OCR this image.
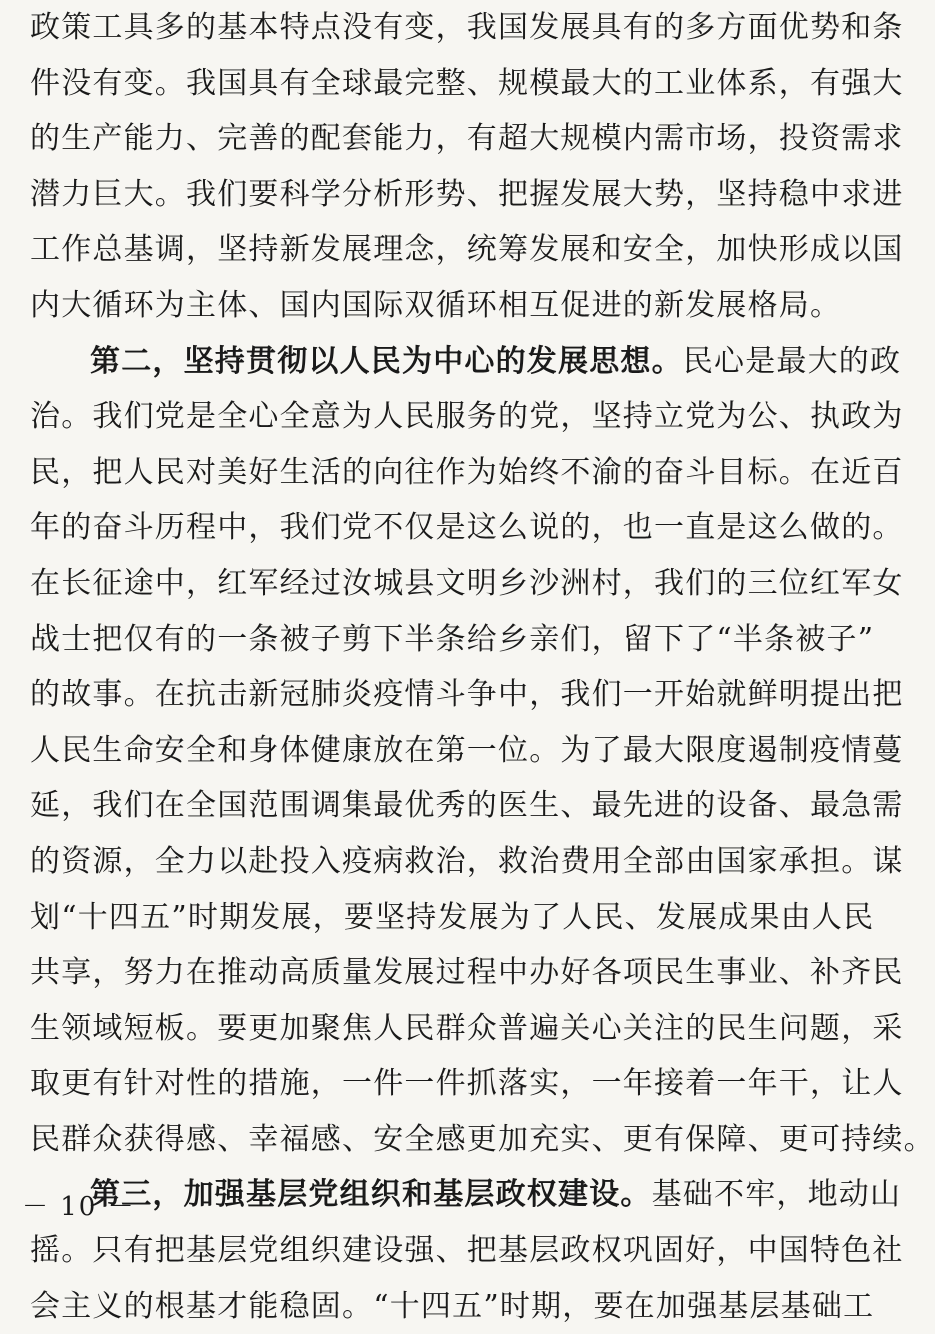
政策工具多的基本特点没有变，我国发展具有的多方面优势和条
件没有变。我国具有全球最完整、规模最大的工业体系，有强大
的生产能力、完善的配套能力，有超大规模内需市场，投资需求
潜力巨大。我们要科学分析形势、把握发展大势，坚持稳中求进
工作总基调，坚持新发展理念，统筹发展和安全，加快形成以国
内大循环为主体、国内国际双循环相互促进的新发展格局。
第二，坚持贯彻以人民为中心的发展思想。民心是最大的政
治。我们党是全心全意为人民服务的党，坚持立党为公、执政为
民，把人民对美好生活的向往作为始终不渝的奋斗目标。在近百
年的奋斗历程中，我们党不仅是这么说的，也一直是这么做的。
在长征途中，红军经过汝城县文明乡沙洲村，我们的三位红军女
战士把仅有的一条被子剪下半条给乡亲们，留下了“半条被子”
的故事。在抗击新冠肺炎疫情斗争中，我们一开始就鲜明提出把
人民生命安全和身体健康放在第一位。为了最大限度遏制疫情蔓
延，我们在全国范围调集最优秀的医生、最先进的设备、最急需
的资源，全力以赴投入疫病救治，救治费用全部由国家承担。谋
划“十四五”时期发展，要坚持发展为了人民、发展成果由人民
共享，努力在推动高质量发展过程中办好各项民生事业、补齐民
生领域短板。要更加聚焦人民群众普遍关心关注的民生问题，采
取更有针对性的措施，一件一件抓落实，一年接着一年干，让人
民群众获得感、幸福感、安全感更加充实、更有保障、更可持续。
第三，加强基层党组织和基层政权建设。基础不牢，地动山
摇。只有把基层党组织建设强、把基层政权巩固好，中国特色社
会主义的根基才能稳固。“十四五”时期，要在加强基层基础工
－ 10 －
